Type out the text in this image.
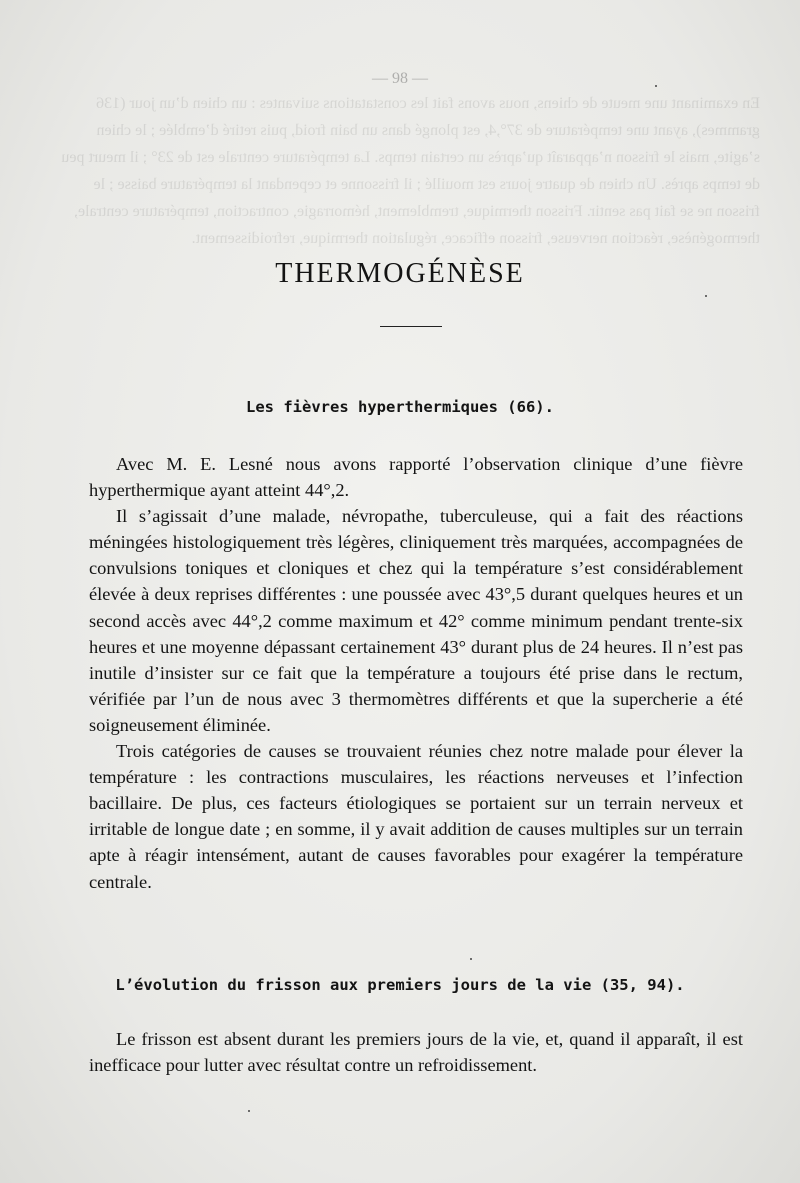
En examinant une meute de chiens, nous avons fait les constatations suivantes : un chien d’un jour (136 grammes), ayant une température de 37°,4, est plongé dans un bain froid, puis retiré d’emblée ; le chien s’agite, mais le frisson n’apparaît qu’après un certain temps. La température centrale est de 23° ; il meurt peu de temps après. Un chien de quatre jours est mouillé ; il frissonne et cependant la température baisse ; le frisson ne se fait pas sentir. Frisson thermique, tremblement, hémorragie, contraction, température centrale, thermogénèse, réaction nerveuse, frisson efficace, régulation thermique, refroidissement.
— 98 —
THERMOGÉNÈSE
Les fièvres hyperthermiques (66).

Avec M. E. Lesné nous avons rapporté l’observation clinique d’une fièvre hyperthermique ayant atteint 44°,2.

Il s’agissait d’une malade, névropathe, tuberculeuse, qui a fait des réactions méningées histologiquement très légères, cliniquement très marquées, accompagnées de convulsions toniques et cloniques et chez qui la température s’est considérablement élevée à deux reprises différentes : une poussée avec 43°,5 durant quelques heures et un second accès avec 44°,2 comme maximum et 42° comme minimum pendant trente-six heures et une moyenne dépassant certainement 43° durant plus de 24 heures. Il n’est pas inutile d’insister sur ce fait que la température a toujours été prise dans le rectum, vérifiée par l’un de nous avec 3 thermomètres différents et que la supercherie a été soigneusement éliminée.

Trois catégories de causes se trouvaient réunies chez notre malade pour élever la température : les contractions musculaires, les réactions nerveuses et l’infection bacillaire. De plus, ces facteurs étiologiques se portaient sur un terrain nerveux et irritable de longue date ; en somme, il y avait addition de causes multiples sur un terrain apte à réagir intensément, autant de causes favorables pour exagérer la température centrale.

L’évolution du frisson aux premiers jours de la vie (35, 94).

Le frisson est absent durant les premiers jours de la vie, et, quand il apparaît, il est inefficace pour lutter avec résultat contre un refroidissement.
